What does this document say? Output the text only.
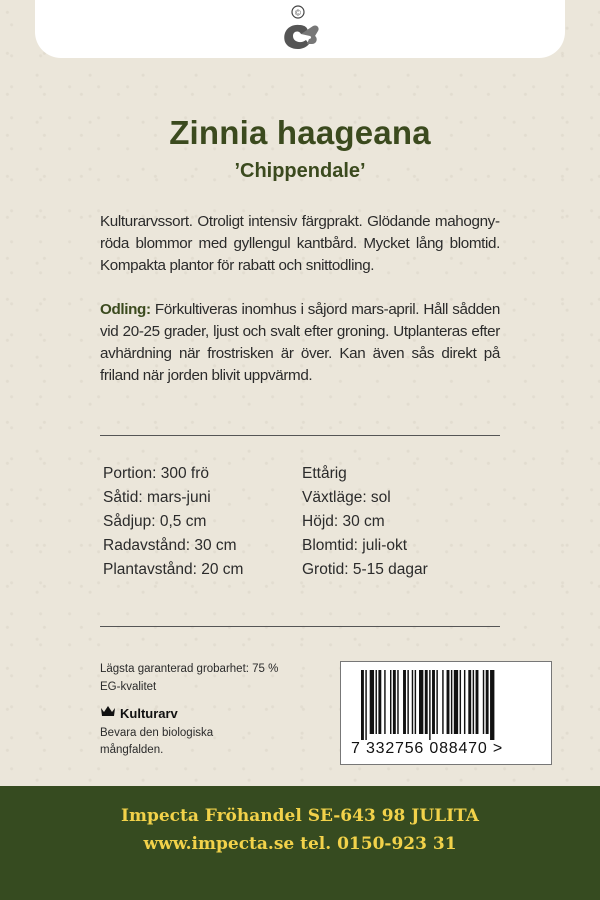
©
Zinnia haageana
’Chippendale’
Kulturarvssort. Otroligt intensiv färgprakt. Glödande mahognyröda blommor med gyllengul kantbård. Mycket lång blomtid. Kompakta plantor för rabatt och snittodling.
Odling: Förkultiveras inomhus i såjord mars-april. Håll sådden vid 20-25 grader, ljust och svalt efter groning. Utplanteras efter avhärdning när frostrisken är över. Kan även sås direkt på friland när jorden blivit uppvärmd.
Portion: 300 frö
Såtid: mars-juni
Sådjup: 0,5 cm
Radavstånd: 30 cm
Plantavstånd: 20 cm
Ettårig
Växtläge: sol
Höjd: 30 cm
Blomtid: juli-okt
Grotid: 5-15 dagar
Lägsta garanterad grobarhet: 75 %
EG-kvalitet
Kulturarv
Bevara den biologiska
mångfalden.	7 332756 088470 >
Impecta Fröhandel SE-643 98 JULITA
www.impecta.se tel. 0150-923 31
